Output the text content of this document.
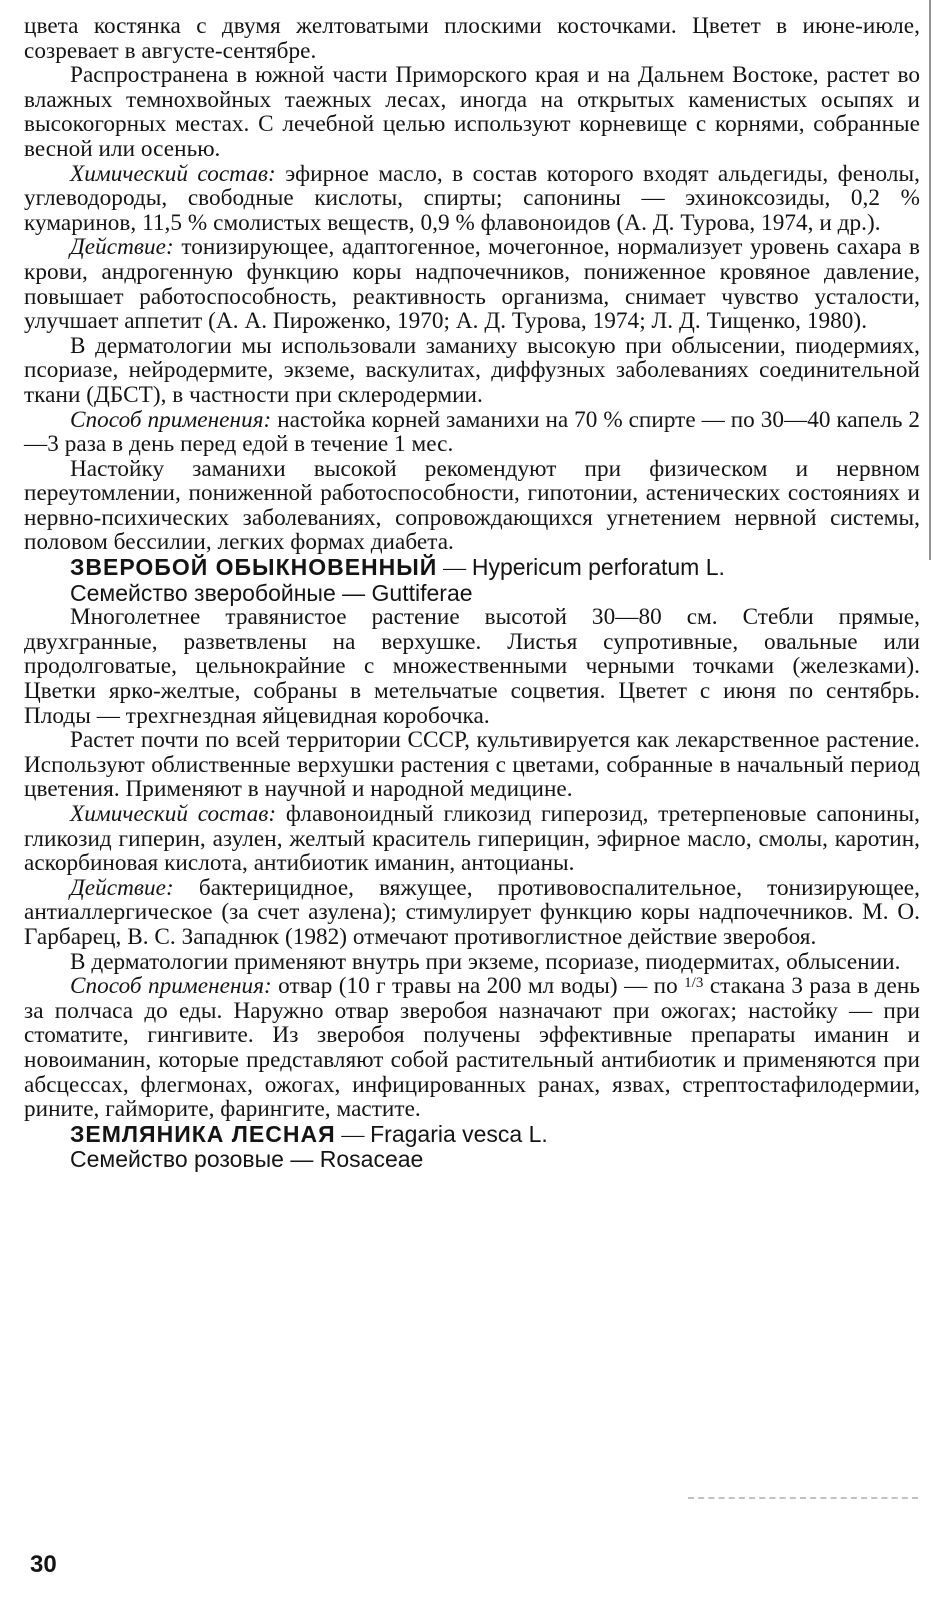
цвета костянка с двумя желтоватыми плоскими косточками. Цветет в июне-июле, созревает в августе-сентябре.

Распространена в южной части Приморского края и на Дальнем Востоке, растет во влажных темнохвойных таежных лесах, иногда на открытых каменистых осыпях и высокогорных местах. С лечебной целью используют корневище с корнями, собранные весной или осенью.

Химический состав: эфирное масло, в состав которого входят альдегиды, фенолы, углеводороды, свободные кислоты, спирты; сапонины — эхиноксозиды, 0,2 % кумаринов, 11,5 % смолистых веществ, 0,9 % флавоноидов (А. Д. Турова, 1974, и др.).

Действие: тонизирующее, адаптогенное, мочегонное, нормализует уровень сахара в крови, андрогенную функцию коры надпочечников, пониженное кровяное давление, повышает работоспособность, реактивность организма, снимает чувство усталости, улучшает аппетит (А. А. Пироженко, 1970; А. Д. Турова, 1974; Л. Д. Тищенко, 1980).

В дерматологии мы использовали заманиху высокую при облысении, пиодермиях, псориазе, нейродермите, экземе, васкулитах, диффузных заболеваниях соединительной ткани (ДБСТ), в частности при склеродермии.

Способ применения: настойка корней заманихи на 70 % спирте — по 30—40 капель 2—3 раза в день перед едой в течение 1 мес.

Настойку заманихи высокой рекомендуют при физическом и нервном переутомлении, пониженной работоспособности, гипотонии, астенических состояниях и нервно-психических заболеваниях, сопровождающихся угнетением нервной системы, половом бессилии, легких формах диабета.

ЗВЕРОБОЙ ОБЫКНОВЕННЫЙ — Hypericum perforatum L.

Семейство зверобойные — Guttiferae

Многолетнее травянистое растение высотой 30—80 см. Стебли прямые, двухгранные, разветвлены на верхушке. Листья супротивные, овальные или продолговатые, цельнокрайние с множественными черными точками (железками). Цветки ярко-желтые, собраны в метельчатые соцветия. Цветет с июня по сентябрь. Плоды — трехгнездная яйцевидная коробочка.

Растет почти по всей территории СССР, культивируется как лекарственное растение. Используют облиственные верхушки растения с цветами, собранные в начальный период цветения. Применяют в научной и народной медицине.

Химический состав: флавоноидный гликозид гиперозид, третерпеновые сапонины, гликозид гиперин, азулен, желтый краситель гиперицин, эфирное масло, смолы, каротин, аскорбиновая кислота, антибиотик иманин, антоцианы.

Действие: бактерицидное, вяжущее, противовоспалительное, тонизирующее, антиаллергическое (за счет азулена); стимулирует функцию коры надпочечников. М. О. Гарбарец, В. С. Западнюк (1982) отмечают противоглистное действие зверобоя.

В дерматологии применяют внутрь при экземе, псориазе, пиодермитах, облысении.

Способ применения: отвар (10 г травы на 200 мл воды) — по $^{1/3}$ стакана 3 раза в день за полчаса до еды. Наружно отвар зверобоя назначают при ожогах; настойку — при стоматите, гингивите. Из зверобоя получены эффективные препараты иманин и новоиманин, которые представляют собой растительный антибиотик и применяются при абсцессах, флегмонах, ожогах, инфицированных ранах, язвах, стрептостафилодермии, рините, гайморите, фарингите, мастите.

ЗЕМЛЯНИКА ЛЕСНАЯ — Fragaria vesca L.

Семейство розовые — Rosaceae

30
